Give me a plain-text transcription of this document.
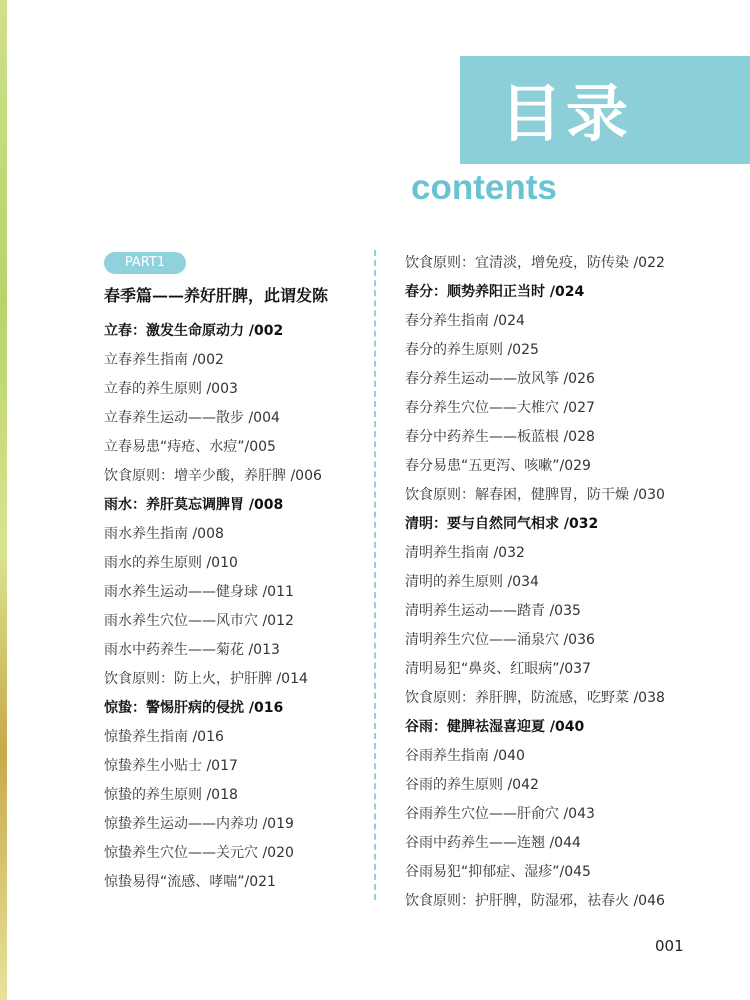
目录
contents
PART1
春季篇——养好肝脾，此谓发陈
立春：激发生命原动力 /002
立春养生指南 /002
立春的养生原则 /003
立春养生运动——散步 /004
立春易患“痔疮、水痘”/005
饮食原则：增辛少酸，养肝脾 /006
雨水：养肝莫忘调脾胃 /008
雨水养生指南 /008
雨水的养生原则 /010
雨水养生运动——健身球 /011
雨水养生穴位——风市穴 /012
雨水中药养生——菊花 /013
饮食原则：防上火，护肝脾 /014
惊蛰：警惕肝病的侵扰 /016
惊蛰养生指南 /016
惊蛰养生小贴士 /017
惊蛰的养生原则 /018
惊蛰养生运动——内养功 /019
惊蛰养生穴位——关元穴 /020
惊蛰易得“流感、哮喘”/021
饮食原则：宜清淡，增免疫，防传染 /022
春分：顺势养阳正当时 /024
春分养生指南 /024
春分的养生原则 /025
春分养生运动——放风筝 /026
春分养生穴位——大椎穴 /027
春分中药养生——板蓝根 /028
春分易患“五更泻、咳嗽”/029
饮食原则：解春困，健脾胃，防干燥 /030
清明：要与自然同气相求 /032
清明养生指南 /032
清明的养生原则 /034
清明养生运动——踏青 /035
清明养生穴位——涌泉穴 /036
清明易犯“鼻炎、红眼病”/037
饮食原则：养肝脾，防流感，吃野菜 /038
谷雨：健脾祛湿喜迎夏 /040
谷雨养生指南 /040
谷雨的养生原则 /042
谷雨养生穴位——肝俞穴 /043
谷雨中药养生——连翘 /044
谷雨易犯“抑郁症、湿疹”/045
饮食原则：护肝脾，防湿邪，祛春火 /046
001
